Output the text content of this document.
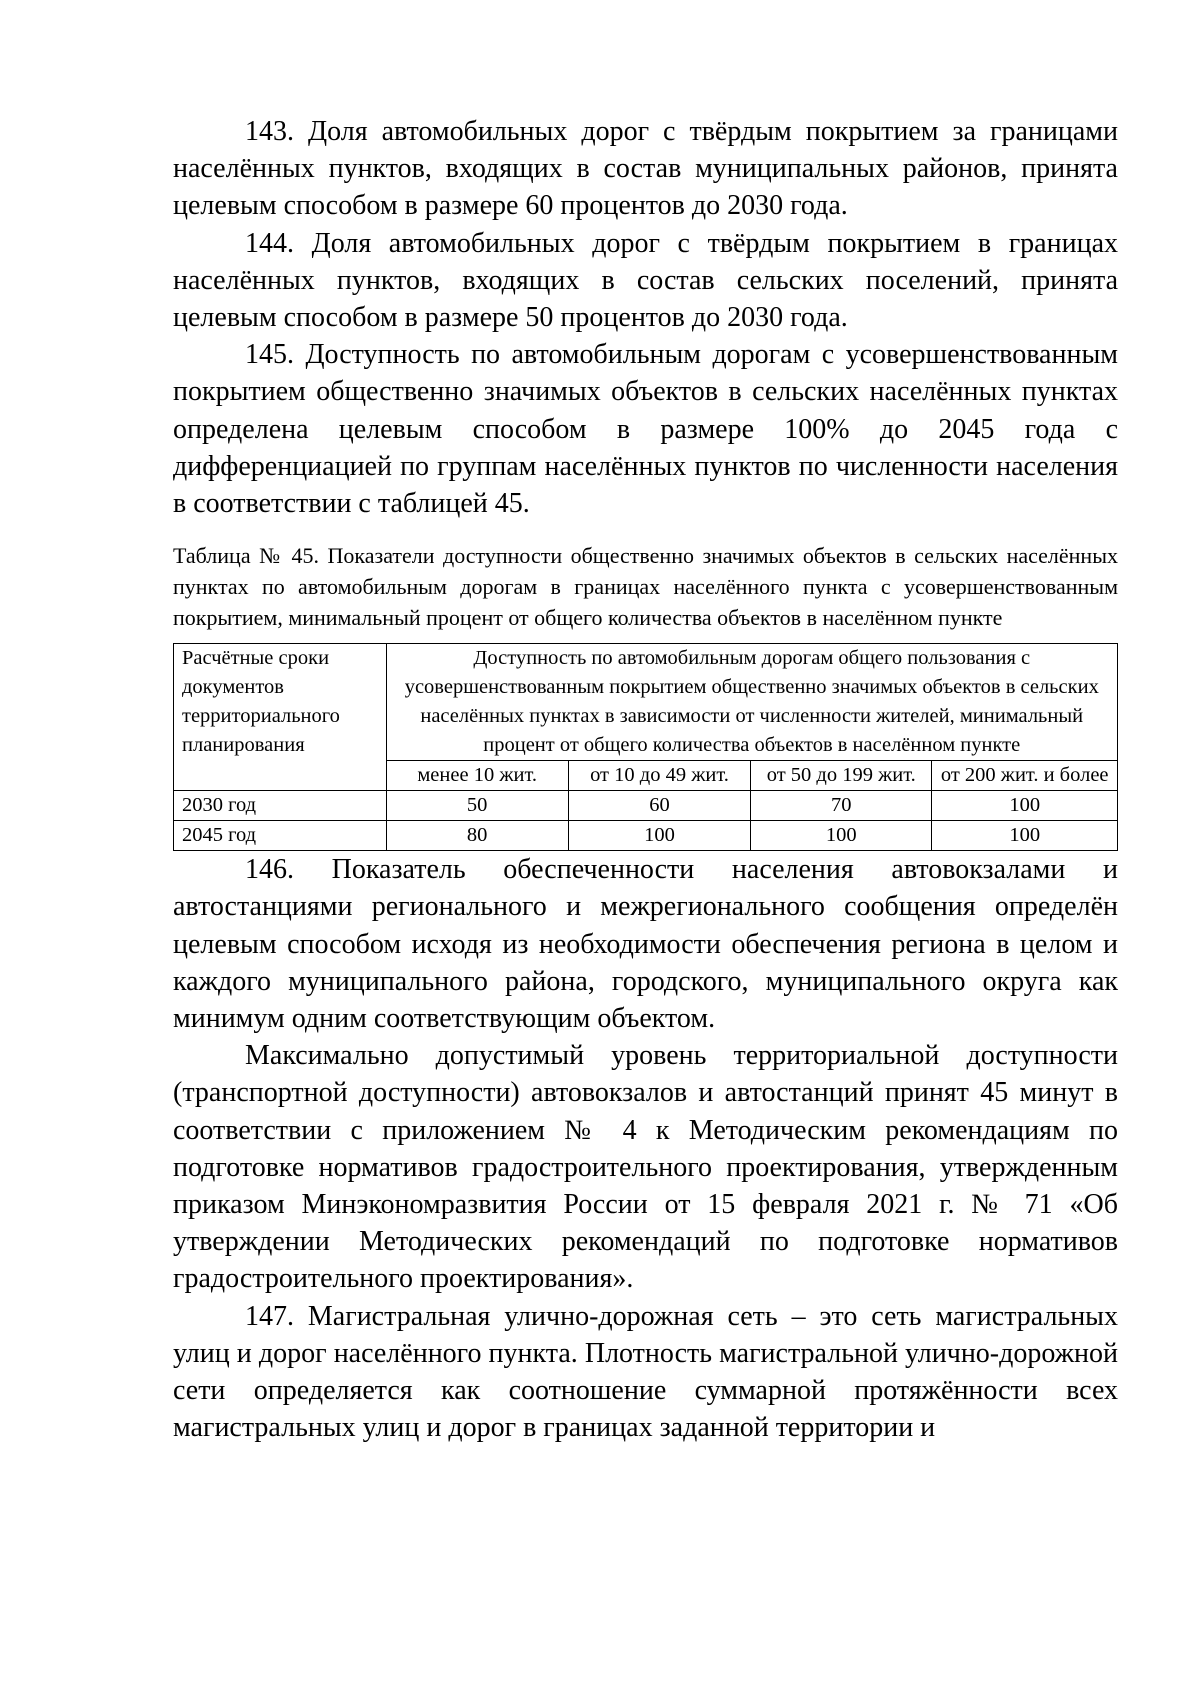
143. Доля автомобильных дорог с твёрдым покрытием за границами населённых пунктов, входящих в состав муниципальных районов, принята целевым способом в размере 60 процентов до 2030 года.

144. Доля автомобильных дорог с твёрдым покрытием в границах населённых пунктов, входящих в состав сельских поселений, принята целевым способом в размере 50 процентов до 2030 года.

145. Доступность по автомобильным дорогам с усовершенствованным покрытием общественно значимых объектов в сельских населённых пунктах определена целевым способом в размере 100% до 2045 года с дифференциацией по группам населённых пунктов по численности населения в соответствии с таблицей 45.

Таблица № 45. Показатели доступности общественно значимых объектов в сельских населённых пунктах по автомобильным дорогам в границах населённого пункта с усовершенствованным покрытием, минимальный процент от общего количества объектов в населённом пункте

Расчётные сроки документов территориального планирования	Доступность по автомобильным дорогам общего пользования с усовершенствованным покрытием общественно значимых объектов в сельских населённых пунктах в зависимости от численности жителей, минимальный процент от общего количества объектов в населённом пункте			
	менее 10 жит.	от 10 до 49 жит.	от 50 до 199 жит.	от 200 жит. и более
2030 год	50	60	70	100
2045 год	80	100	100	100

146. Показатель обеспеченности населения автовокзалами и автостанциями регионального и межрегионального сообщения определён целевым способом исходя из необходимости обеспечения региона в целом и каждого муниципального района, городского, муниципального округа как минимум одним соответствующим объектом.

Максимально допустимый уровень территориальной доступности (транспортной доступности) автовокзалов и автостанций принят 45 минут в соответствии с приложением № 4 к Методическим рекомендациям по подготовке нормативов градостроительного проектирования, утвержденным приказом Минэкономразвития России от 15 февраля 2021 г. № 71 «Об утверждении Методических рекомендаций по подготовке нормативов градостроительного проектирования».

147. Магистральная улично-дорожная сеть – это сеть магистральных улиц и дорог населённого пункта. Плотность магистральной улично-дорожной сети определяется как соотношение суммарной протяжённости всех магистральных улиц и дорог в границах заданной территории и
